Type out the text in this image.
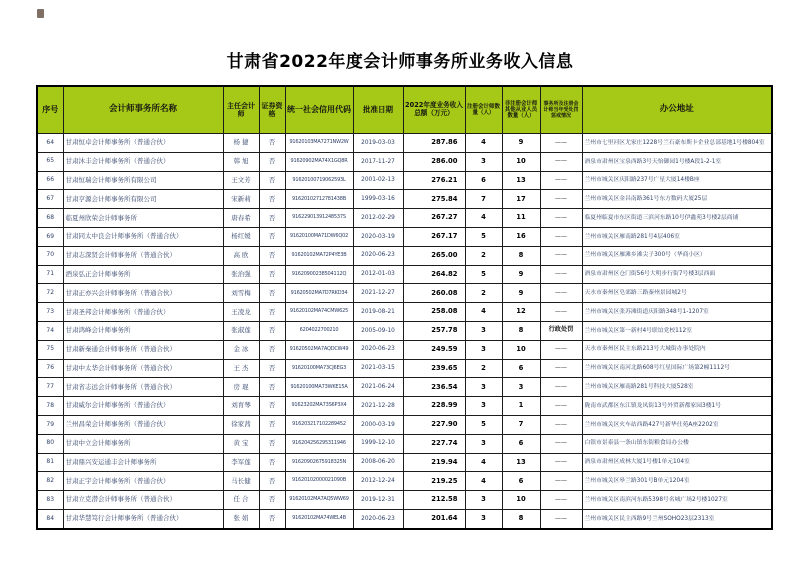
甘肃省2022年度会计师事务所业务收入信息
序号	会计师事务所名称	主任会计师	证券资格	统一社会信用代码	批准日期	2022年度业务收入总额（万元）	注册会计师数量（人）	非注册会计师其他从业人员数量（人）	事务所及注册会计师当年受处罚惩戒情况	办公地址
64	甘肃恒卓会计师事务所（普通合伙）	杨 捷	否	91620103MA7271NW2W	2019-03-03	287.86	4	9	——	兰州市七里河区尤家庄1228号兰石豪布斯卡企业总部基地1号楼804室
65	甘肃沐丰会计师事务所（普通合伙）	韩 旭	否	91620902MA74X1GQ8R	2017-11-27	286.00	3	10	——	酒泉市肃州区宝泉西路3号天怡御园1号楼A段1-2-1室
66	甘肃恒瑞会计师事务所有限公司	王文芳	否	91620100719062593L	2001-02-13	276.21	6	13	——	兰州市城关区庆阳路237号广星大厦14楼B座
67	甘肃亨源会计师事务所有限公司	宋新莉	否	91620102712781438B	1999-03-16	275.84	7	17	——	兰州市城关区金昌南路361号东方数码大厦25层
68	临夏州欣荣会计师事务所	唐春希	否	91622901391248537S	2012-02-29	267.27	4	11	——	临夏州临夏市东区街道三滨河东路10号伊鑫苑3号楼2层商铺
69	甘肃同太中良会计师事务所（普通合伙）	杨红媛	否	91620100MA71DW6Q02	2020-03-19	267.17	5	16	——	兰州市城关区雁南路281号4层406室
70	甘肃志深贤会计师事务所（普通合伙）	高 欧	否	91620102MA72P4YE3B	2020-06-23	265.00	2	8	——	兰州市城关区雁滩乡滩尖子300号（华商小区）
71	酒泉弘正会计师事务所	张治强	否	91620900238504112Q	2012-01-03	264.82	5	9	——	酒泉市肃州区仓门街56号大明步行街7号楼3层西面
72	甘肃正亦兴会计师事务所（普通合伙）	刘雪梅	否	91620502MA7D7RKD34	2021-12-27	260.08	2	9	——	天水市秦州区皂郊路三路秦州景园城2号
73	甘肃圣邦会计师事务所（普通合伙）	王凌龙	否	91620102MA74CMW625	2019-08-21	258.08	4	12	——	兰州市城关区张苏滩街道庆阳路348号1-1207室
74	甘肃鸿峰会计师事务所	张淑莲	否	6204022700210	2005-09-10	257.78	3	8	行政处罚	兰州市城关区第一新村4号联谊党校112室
75	甘肃新秦通会计师事务所（普通合伙）	金 冰	否	91620502MA7AQDCW49	2020-06-23	249.59	3	10	——	天水市秦州区民主东路213号大城街办事处院内
76	甘肃中太华会计师事务所（普通合伙）	王 杰	否	91620100MA73CJ6EG3	2021-03-15	239.65	2	6	——	兰州市城关区南河北路608号红星国际广场第2幢1112号
77	甘肃省志远会计师事务所（普通合伙）	房 琨	否	91620100MA73WKE15A	2021-06-24	236.54	3	3	——	兰州市城关区雁南路281号科技大厦528室
78	甘肃威尔会计师事务所（普通合伙）	刘育琴	否	91623202MA73S6P3X4	2021-12-28	228.99	3	1	——	陇南市武都区东江镇龙凤街13号外贸新都家园3楼1号
79	兰州昌荣会计师事务所（普通合伙）	徐家茜	否	916203217102289452	2000-03-19	227.90	5	7	——	兰州市城关区火车站西路427号新华仕苑A座2202室
80	甘肃中立会计师事务所	黄 宝	否	916204256295311946	1999-12-10	227.74	3	6	——	白银市景泰县一条山镇东街粮食局办公楼
81	甘肃鼎兴安运通丰会计师事务所	李军莲	否	91620902675918325N	2008-06-20	219.94	4	13	——	酒泉市肃州区成林大厦1号楼1单元104室
82	甘肃正宇会计师事务所（普通合伙）	马长健	否	91620102000021090B	2012-12-24	219.25	4	6	——	兰州市城关区皋兰路301号B单元1204室
83	甘肃立克潜会计师事务所（普通合伙）	任 合	否	91620102MA7AQ5WW69	2019-12-31	212.58	3	10	——	兰州市城关区南滨河东路5398号名城广场2号楼1027室
84	甘肃华慧笃行会计师事务所（普通合伙）	张 娟	否	91620102MA74WEL4B	2020-06-23	201.64	3	8	——	兰州市城关区民主西路9号兰州SOHO23层2313室
